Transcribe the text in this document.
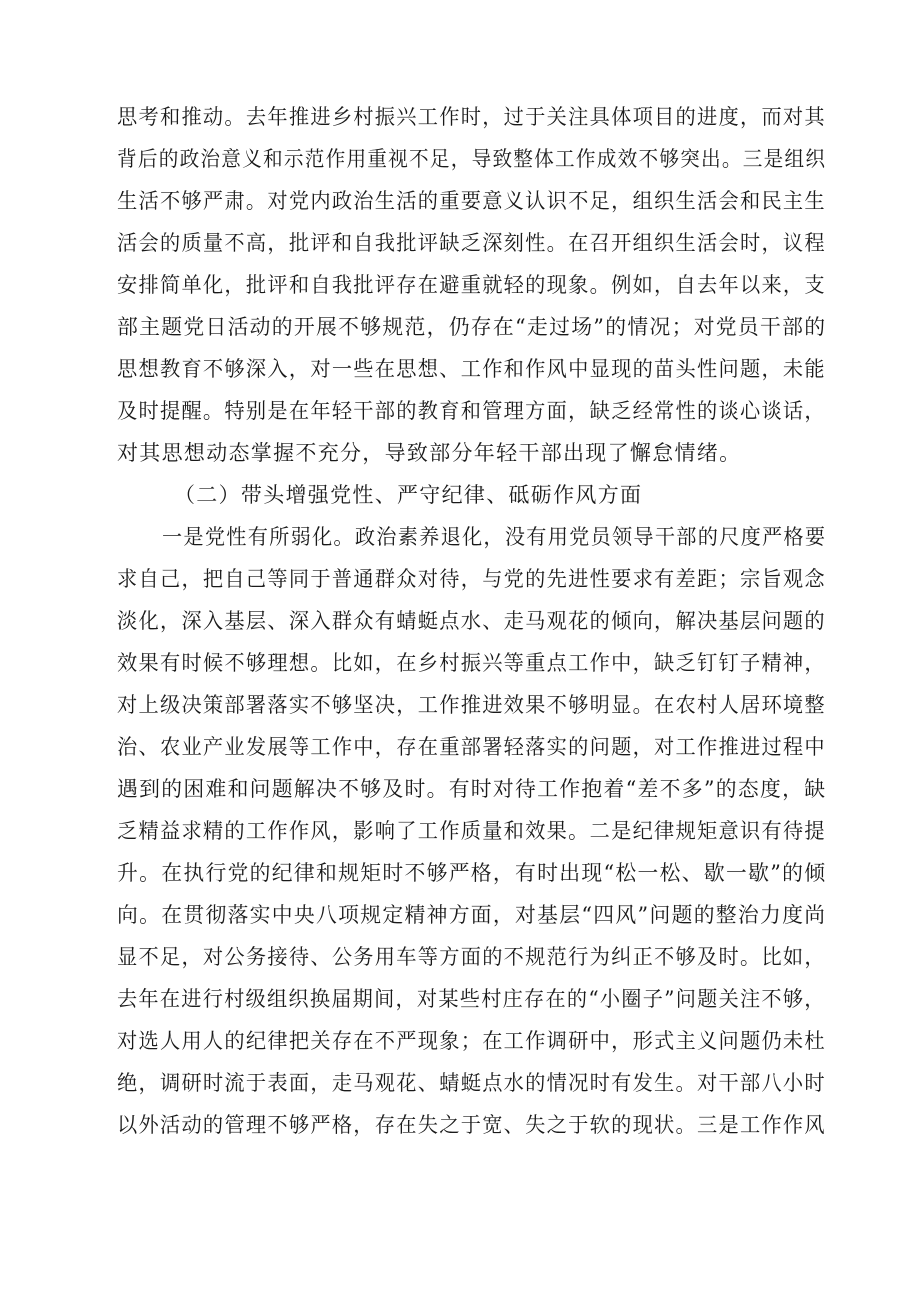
思考和推动。去年推进乡村振兴工作时，过于关注具体项目的进度，而对其
背后的政治意义和示范作用重视不足，导致整体工作成效不够突出。三是组织
生活不够严肃。对党内政治生活的重要意义认识不足，组织生活会和民主生
活会的质量不高，批评和自我批评缺乏深刻性。在召开组织生活会时，议程
安排简单化，批评和自我批评存在避重就轻的现象。例如，自去年以来，支
部主题党日活动的开展不够规范，仍存在“走过场”的情况；对党员干部的
思想教育不够深入，对一些在思想、工作和作风中显现的苗头性问题，未能
及时提醒。特别是在年轻干部的教育和管理方面，缺乏经常性的谈心谈话，
对其思想动态掌握不充分，导致部分年轻干部出现了懈怠情绪。
（二）带头增强党性、严守纪律、砥砺作风方面
一是党性有所弱化。政治素养退化，没有用党员领导干部的尺度严格要
求自己，把自己等同于普通群众对待，与党的先进性要求有差距；宗旨观念
淡化，深入基层、深入群众有蜻蜓点水、走马观花的倾向，解决基层问题的
效果有时候不够理想。比如，在乡村振兴等重点工作中，缺乏钉钉子精神，
对上级决策部署落实不够坚决，工作推进效果不够明显。在农村人居环境整
治、农业产业发展等工作中，存在重部署轻落实的问题，对工作推进过程中
遇到的困难和问题解决不够及时。有时对待工作抱着“差不多”的态度，缺
乏精益求精的工作作风，影响了工作质量和效果。二是纪律规矩意识有待提
升。在执行党的纪律和规矩时不够严格，有时出现“松一松、歇一歇”的倾
向。在贯彻落实中央八项规定精神方面，对基层“四风”问题的整治力度尚
显不足，对公务接待、公务用车等方面的不规范行为纠正不够及时。比如，
去年在进行村级组织换届期间，对某些村庄存在的“小圈子”问题关注不够，
对选人用人的纪律把关存在不严现象；在工作调研中，形式主义问题仍未杜
绝，调研时流于表面，走马观花、蜻蜓点水的情况时有发生。对干部八小时
以外活动的管理不够严格，存在失之于宽、失之于软的现状。三是工作作风
